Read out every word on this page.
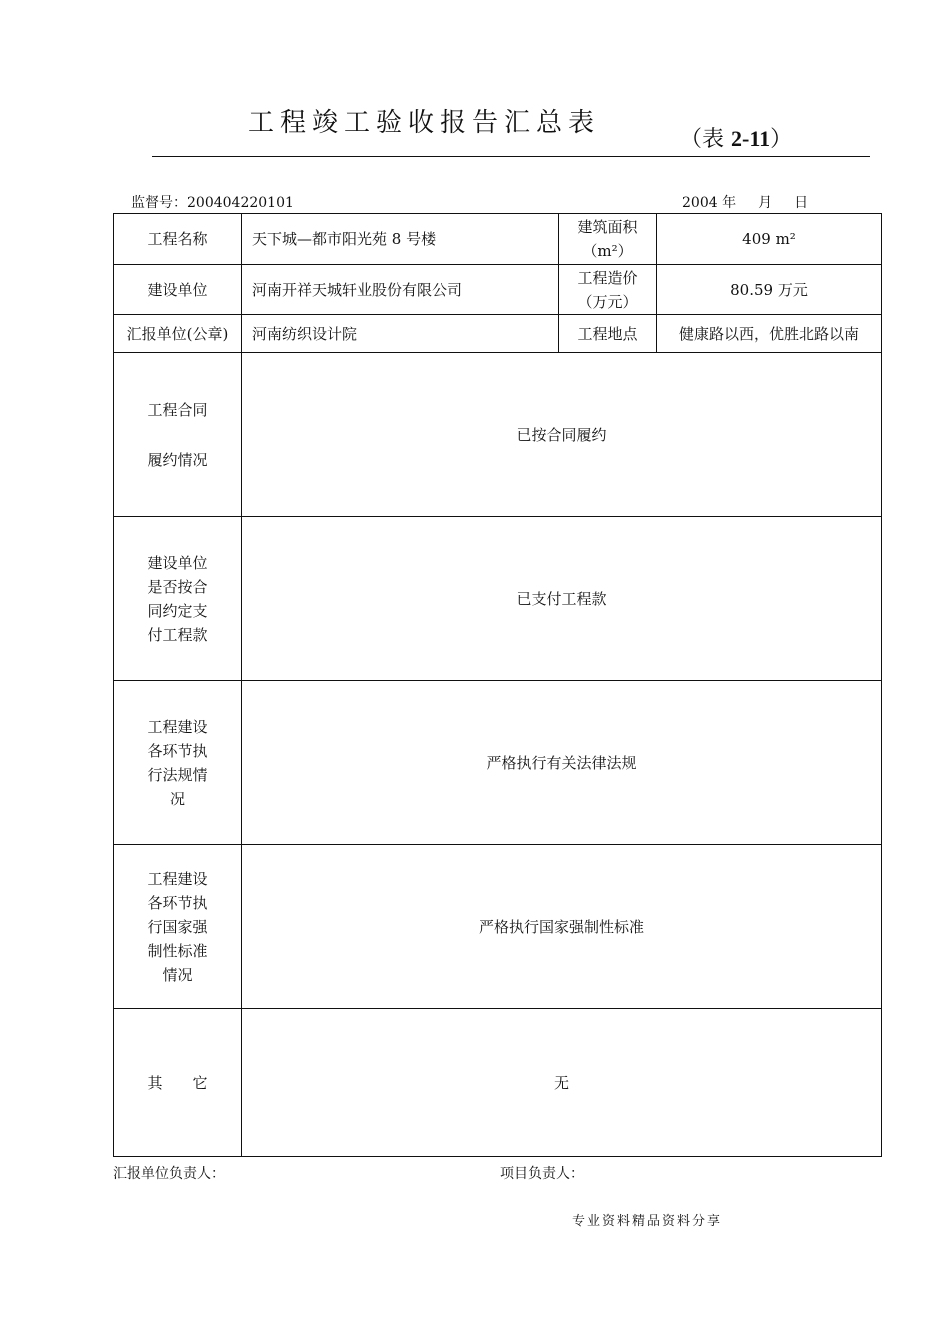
工程竣工验收报告汇总表
（表 2-11）
监督号：200404220101	2004 年 月 日
工程名称	天下城—都市阳光苑 8 号楼	建筑面积
（m²）	409 m²
建设单位	河南开祥天城轩业股份有限公司	工程造价
（万元）	80.59 万元
汇报单位(公章)	河南纺织设计院	工程地点	健康路以西，优胜北路以南

工程合同
履约情况	已按合同履约		

建设单位
是否按合
同约定支
付工程款	已支付工程款		

工程建设
各环节执
行法规情
况	严格执行有关法律法规		

工程建设
各环节执
行国家强
制性标准
情况	严格执行国家强制性标准		
其　　它	无		
汇报单位负责人：	项目负责人：
专业资料精品资料分享
